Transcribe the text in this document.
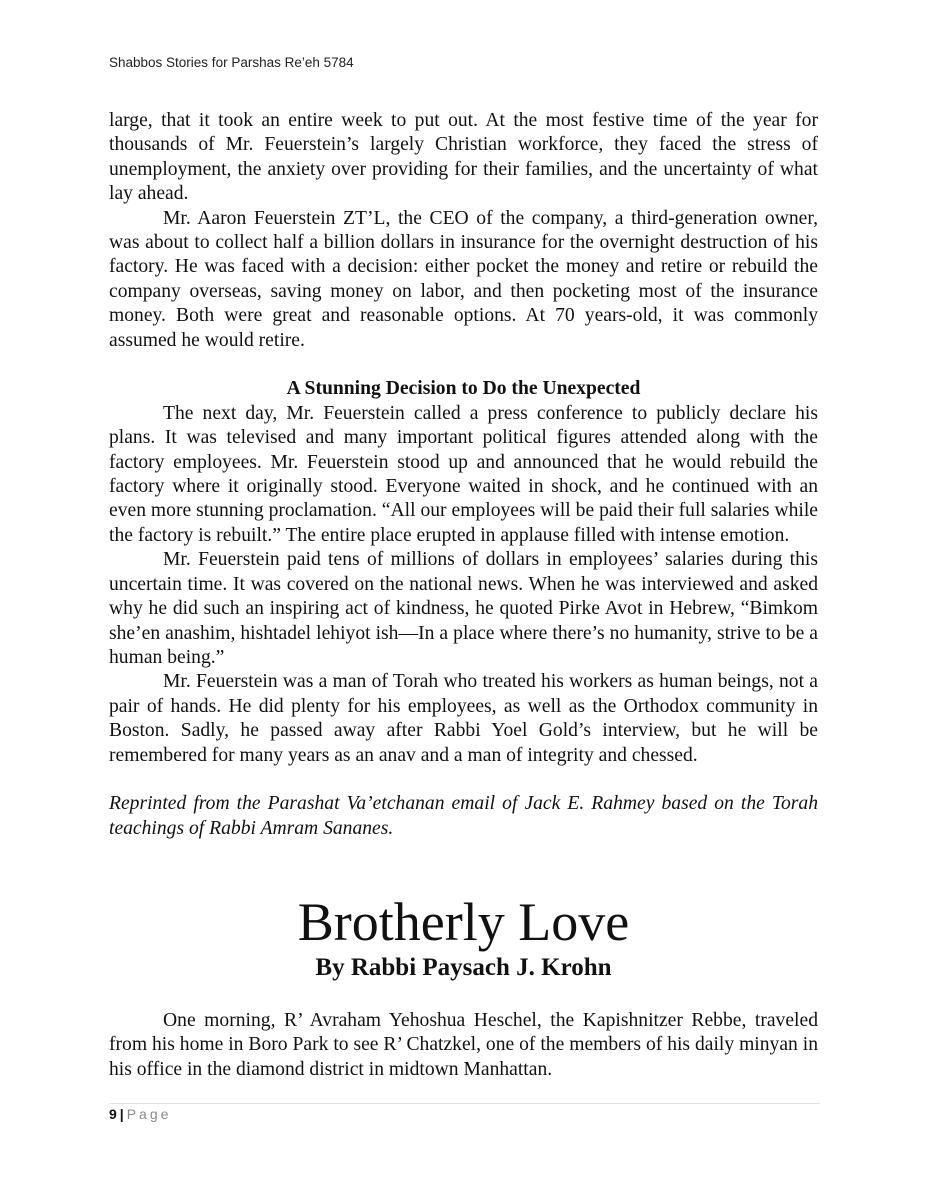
Shabbos Stories for Parshas Re’eh 5784

large, that it took an entire week to put out. At the most festive time of the year for thousands of Mr. Feuerstein’s largely Christian workforce, they faced the stress of unemployment, the anxiety over providing for their families, and the uncertainty of what lay ahead.

Mr. Aaron Feuerstein ZT’L, the CEO of the company, a third-generation owner, was about to collect half a billion dollars in insurance for the overnight destruction of his factory. He was faced with a decision: either pocket the money and retire or rebuild the company overseas, saving money on labor, and then pocketing most of the insurance money. Both were great and reasonable options. At 70 years-old, it was commonly assumed he would retire.

A Stunning Decision to Do the Unexpected

The next day, Mr. Feuerstein called a press conference to publicly declare his plans. It was televised and many important political figures attended along with the factory employees. Mr. Feuerstein stood up and announced that he would rebuild the factory where it originally stood. Everyone waited in shock, and he continued with an even more stunning proclamation. “All our employees will be paid their full salaries while the factory is rebuilt.” The entire place erupted in applause filled with intense emotion.

Mr. Feuerstein paid tens of millions of dollars in employees’ salaries during this uncertain time. It was covered on the national news. When he was interviewed and asked why he did such an inspiring act of kindness, he quoted Pirke Avot in Hebrew, “Bimkom she’en anashim, hishtadel lehiyot ish—In a place where there’s no humanity, strive to be a human being.”

Mr. Feuerstein was a man of Torah who treated his workers as human beings, not a pair of hands. He did plenty for his employees, as well as the Orthodox community in Boston. Sadly, he passed away after Rabbi Yoel Gold’s interview, but he will be remembered for many years as an anav and a man of integrity and chessed.

Reprinted from the Parashat Va’etchanan email of Jack E. Rahmey based on the Torah teachings of Rabbi Amram Sananes.

Brotherly Love
By Rabbi Paysach J. Krohn

One morning, R’ Avraham Yehoshua Heschel, the Kapishnitzer Rebbe, traveled from his home in Boro Park to see R’ Chatzkel, one of the members of his daily minyan in his office in the diamond district in midtown Manhattan.

9 | Page
